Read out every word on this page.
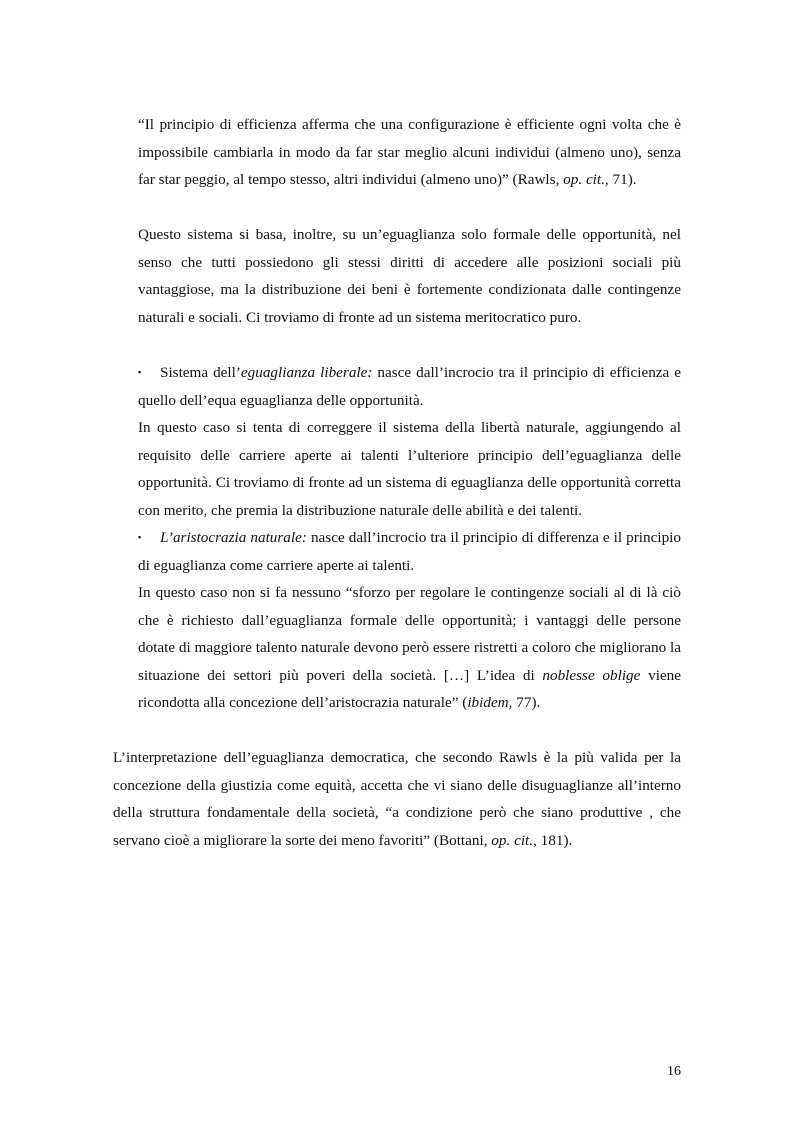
“Il principio di efficienza afferma che una configurazione è efficiente ogni volta che è impossibile cambiarla in modo da far star meglio alcuni individui (almeno uno), senza far star peggio, al tempo stesso, altri individui (almeno uno)” (Rawls, op. cit., 71).

Questo sistema si basa, inoltre, su un’eguaglianza solo formale delle opportunità, nel senso che tutti possiedono gli stessi diritti di accedere alle posizioni sociali più vantaggiose, ma la distribuzione dei beni è fortemente condizionata dalle contingenze naturali e sociali. Ci troviamo di fronte ad un sistema meritocratico puro.

▪ Sistema dell’eguaglianza liberale: nasce dall’incrocio tra il principio di efficienza e quello dell’equa eguaglianza delle opportunità.

In questo caso si tenta di correggere il sistema della libertà naturale, aggiungendo al requisito delle carriere aperte ai talenti l’ulteriore principio dell’eguaglianza delle opportunità. Ci troviamo di fronte ad un sistema di eguaglianza delle opportunità corretta con merito, che premia la distribuzione naturale delle abilità e dei talenti.

▪ L’aristocrazia naturale: nasce dall’incrocio tra il principio di differenza e il principio di eguaglianza come carriere aperte ai talenti.

In questo caso non si fa nessuno “sforzo per regolare le contingenze sociali al di là ciò che è richiesto dall’eguaglianza formale delle opportunità; i vantaggi delle persone dotate di maggiore talento naturale devono però essere ristretti a coloro che migliorano la situazione dei settori più poveri della società. […] L’idea di noblesse oblige viene ricondotta alla concezione dell’aristocrazia naturale” (ibidem, 77).

L’interpretazione dell’eguaglianza democratica, che secondo Rawls è la più valida per la concezione della giustizia come equità, accetta che vi siano delle disuguaglianze all’interno della struttura fondamentale della società, “a condizione però che siano produttive , che servano cioè a migliorare la sorte dei meno favoriti” (Bottani, op. cit., 181).

16
